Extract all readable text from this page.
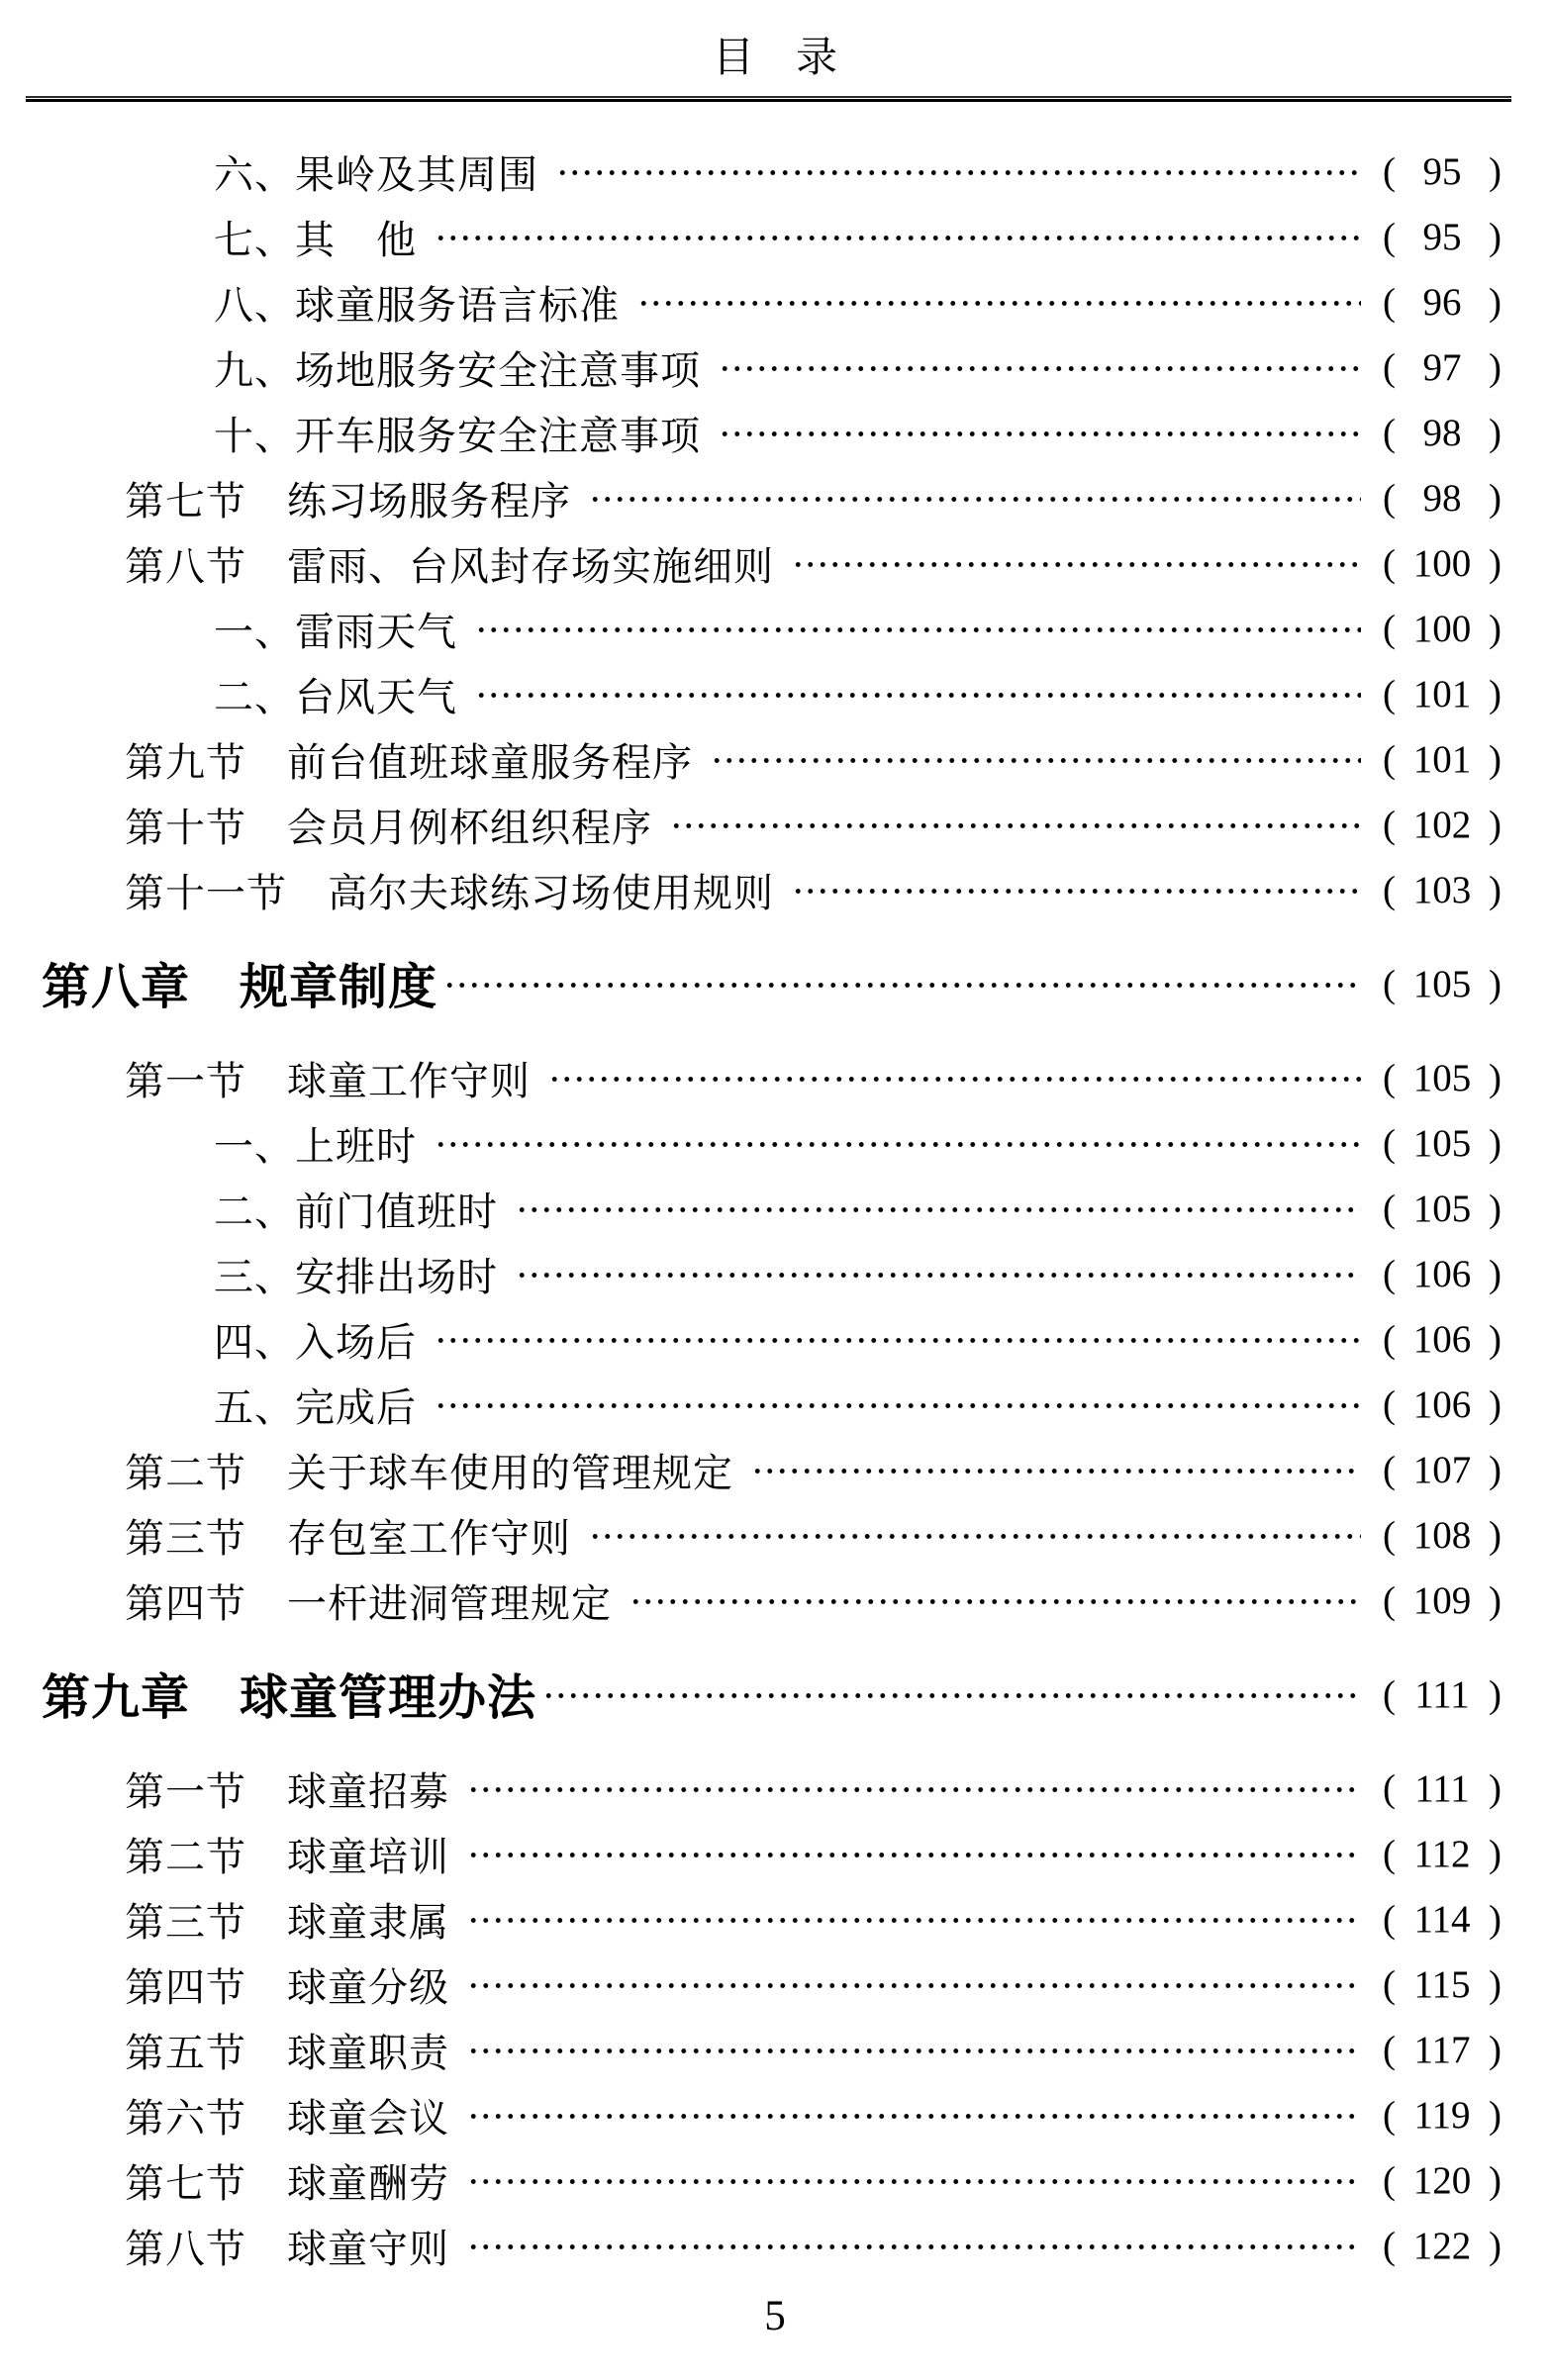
目　录
六、果岭及其周围	( 95 )
七、其　他	( 95 )
八、球童服务语言标准	( 96 )
九、场地服务安全注意事项	( 97 )
十、开车服务安全注意事项	( 98 )
第七节　练习场服务程序	( 98 )
第八节　雷雨、台风封存场实施细则	( 100 )
一、雷雨天气	( 100 )
二、台风天气	( 101 )
第九节　前台值班球童服务程序	( 101 )
第十节　会员月例杯组织程序	( 102 )
第十一节　高尔夫球练习场使用规则	( 103 )
第八章　规章制度	( 105 )
第一节　球童工作守则	( 105 )
一、上班时	( 105 )
二、前门值班时	( 105 )
三、安排出场时	( 106 )
四、入场后	( 106 )
五、完成后	( 106 )
第二节　关于球车使用的管理规定	( 107 )
第三节　存包室工作守则	( 108 )
第四节　一杆进洞管理规定	( 109 )
第九章　球童管理办法	( 111 )
第一节　球童招募	( 111 )
第二节　球童培训	( 112 )
第三节　球童隶属	( 114 )
第四节　球童分级	( 115 )
第五节　球童职责	( 117 )
第六节　球童会议	( 119 )
第七节　球童酬劳	( 120 )
第八节　球童守则	( 122 )
5
